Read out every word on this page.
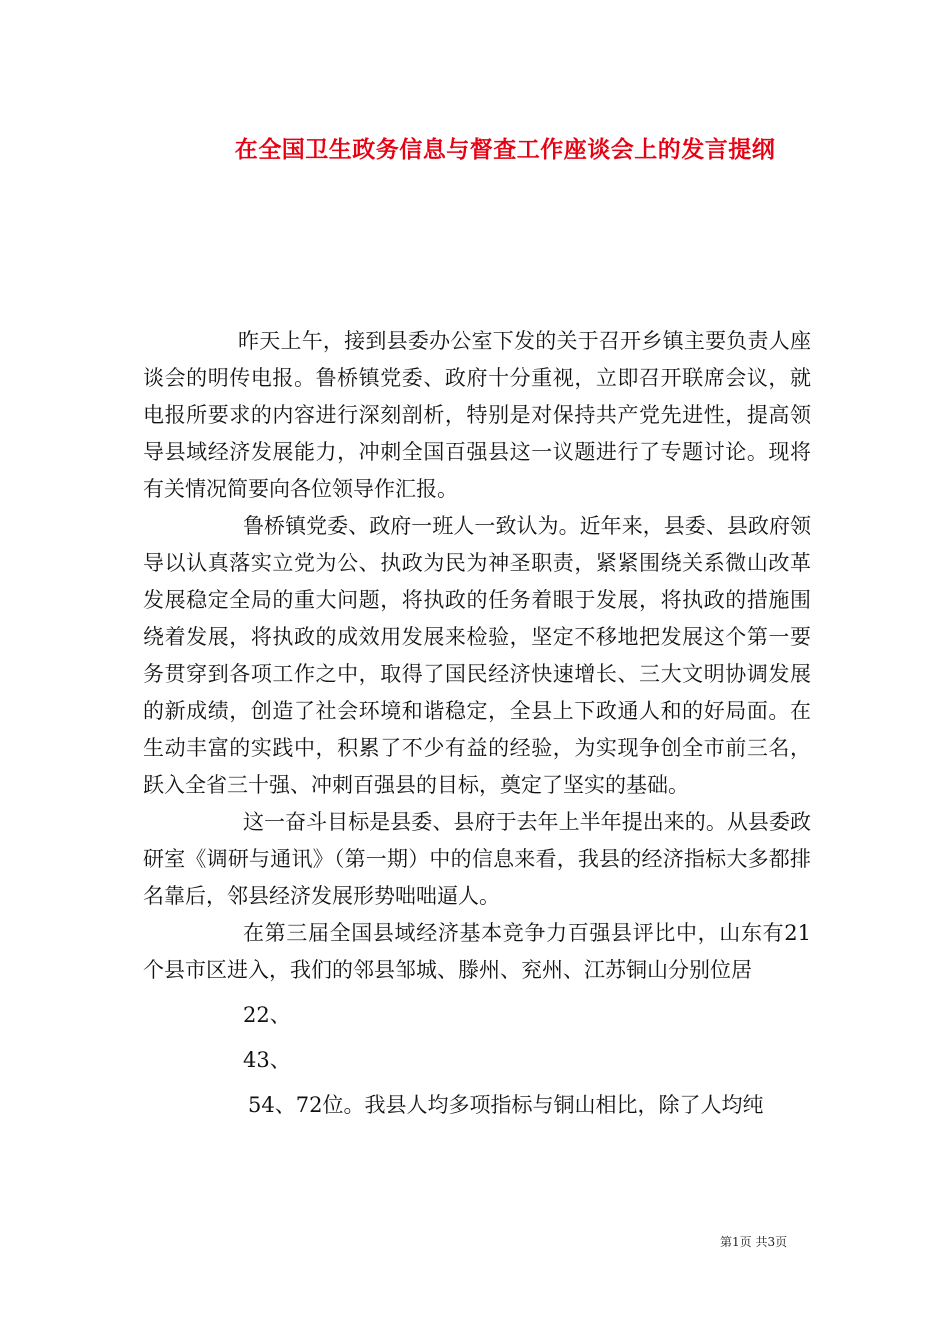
在全国卫生政务信息与督查工作座谈会上的发言提纲

昨天上午，接到县委办公室下发的关于召开乡镇主要负责人座谈会的明传电报。鲁桥镇党委、政府十分重视，立即召开联席会议，就电报所要求的内容进行深刻剖析，特别是对保持共产党先进性，提高领导县域经济发展能力，冲刺全国百强县这一议题进行了专题讨论。现将有关情况简要向各位领导作汇报。

鲁桥镇党委、政府一班人一致认为。近年来，县委、县政府领导以认真落实立党为公、执政为民为神圣职责，紧紧围绕关系微山改革发展稳定全局的重大问题，将执政的任务着眼于发展，将执政的措施围绕着发展，将执政的成效用发展来检验，坚定不移地把发展这个第一要务贯穿到各项工作之中，取得了国民经济快速增长、三大文明协调发展的新成绩，创造了社会环境和谐稳定，全县上下政通人和的好局面。在生动丰富的实践中，积累了不少有益的经验，为实现争创全市前三名，跃入全省三十强、冲刺百强县的目标，奠定了坚实的基础。

这一奋斗目标是县委、县府于去年上半年提出来的。从县委政研室《调研与通讯》（第一期）中的信息来看，我县的经济指标大多都排名靠后，邻县经济发展形势咄咄逼人。

在第三届全国县域经济基本竞争力百强县评比中，山东有21个县市区进入，我们的邻县邹城、滕州、兖州、江苏铜山分别位居

22、

43、

54、72位。我县人均多项指标与铜山相比，除了人均纯

第1页 共3页
